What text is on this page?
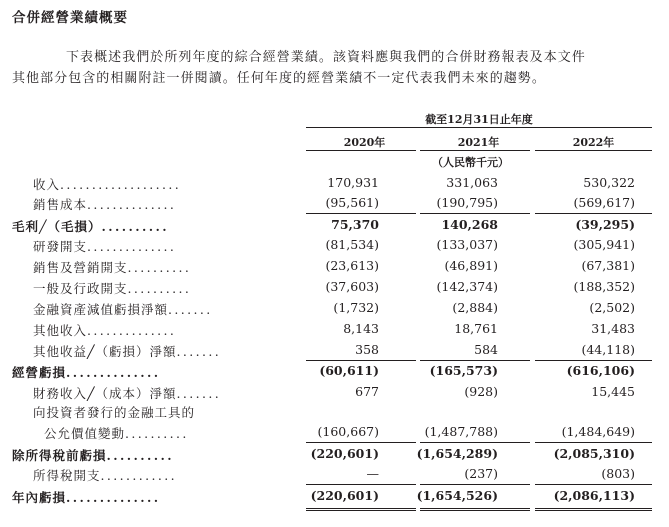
合併經營業績概要
下表概述我們於所列年度的綜合經營業績。該資料應與我們的合併財務報表及本文件
其他部分包含的相關附註一併閱讀。任何年度的經營業績不一定代表我們未來的趨勢。
截至12月31日止年度
2020年	2021年	2022年
（人民幣千元）
收入...................	170,931	331,063	530,322
銷售成本..............	( 95,561 )	( 190,795 )	( 569,617 )
毛利╱（毛損）..........	75,370	140,268	( 39,295 )
研發開支..............	( 81,534 )	( 133,037 )	( 305,941 )
銷售及營銷開支..........	( 23,613 )	( 46,891 )	( 67,381 )
一般及行政開支..........	( 37,603 )	( 142,374 )	( 188,352 )
金融資產減值虧損淨額.......	( 1,732 )	( 2,884 )	( 2,502 )
其他收入..............	8,143	18,761	31,483
其他收益╱（虧損）淨額.......	358	584	( 44,118 )
經營虧損..............	( 60,611 )	( 165,573 )	( 616,106 )
財務收入╱（成本）淨額.......	677	( 928 )	15,445
向投資者發行的金融工具的
公允價值變動..........	( 160,667 )	( 1,487,788 )	( 1,484,649 )
除所得稅前虧損..........	( 220,601 )	( 1,654,289 )	( 2,085,310 )
所得稅開支............	—	( 237 )	( 803 )
年內虧損..............	( 220,601 )	( 1,654,526 )	( 2,086,113 )
